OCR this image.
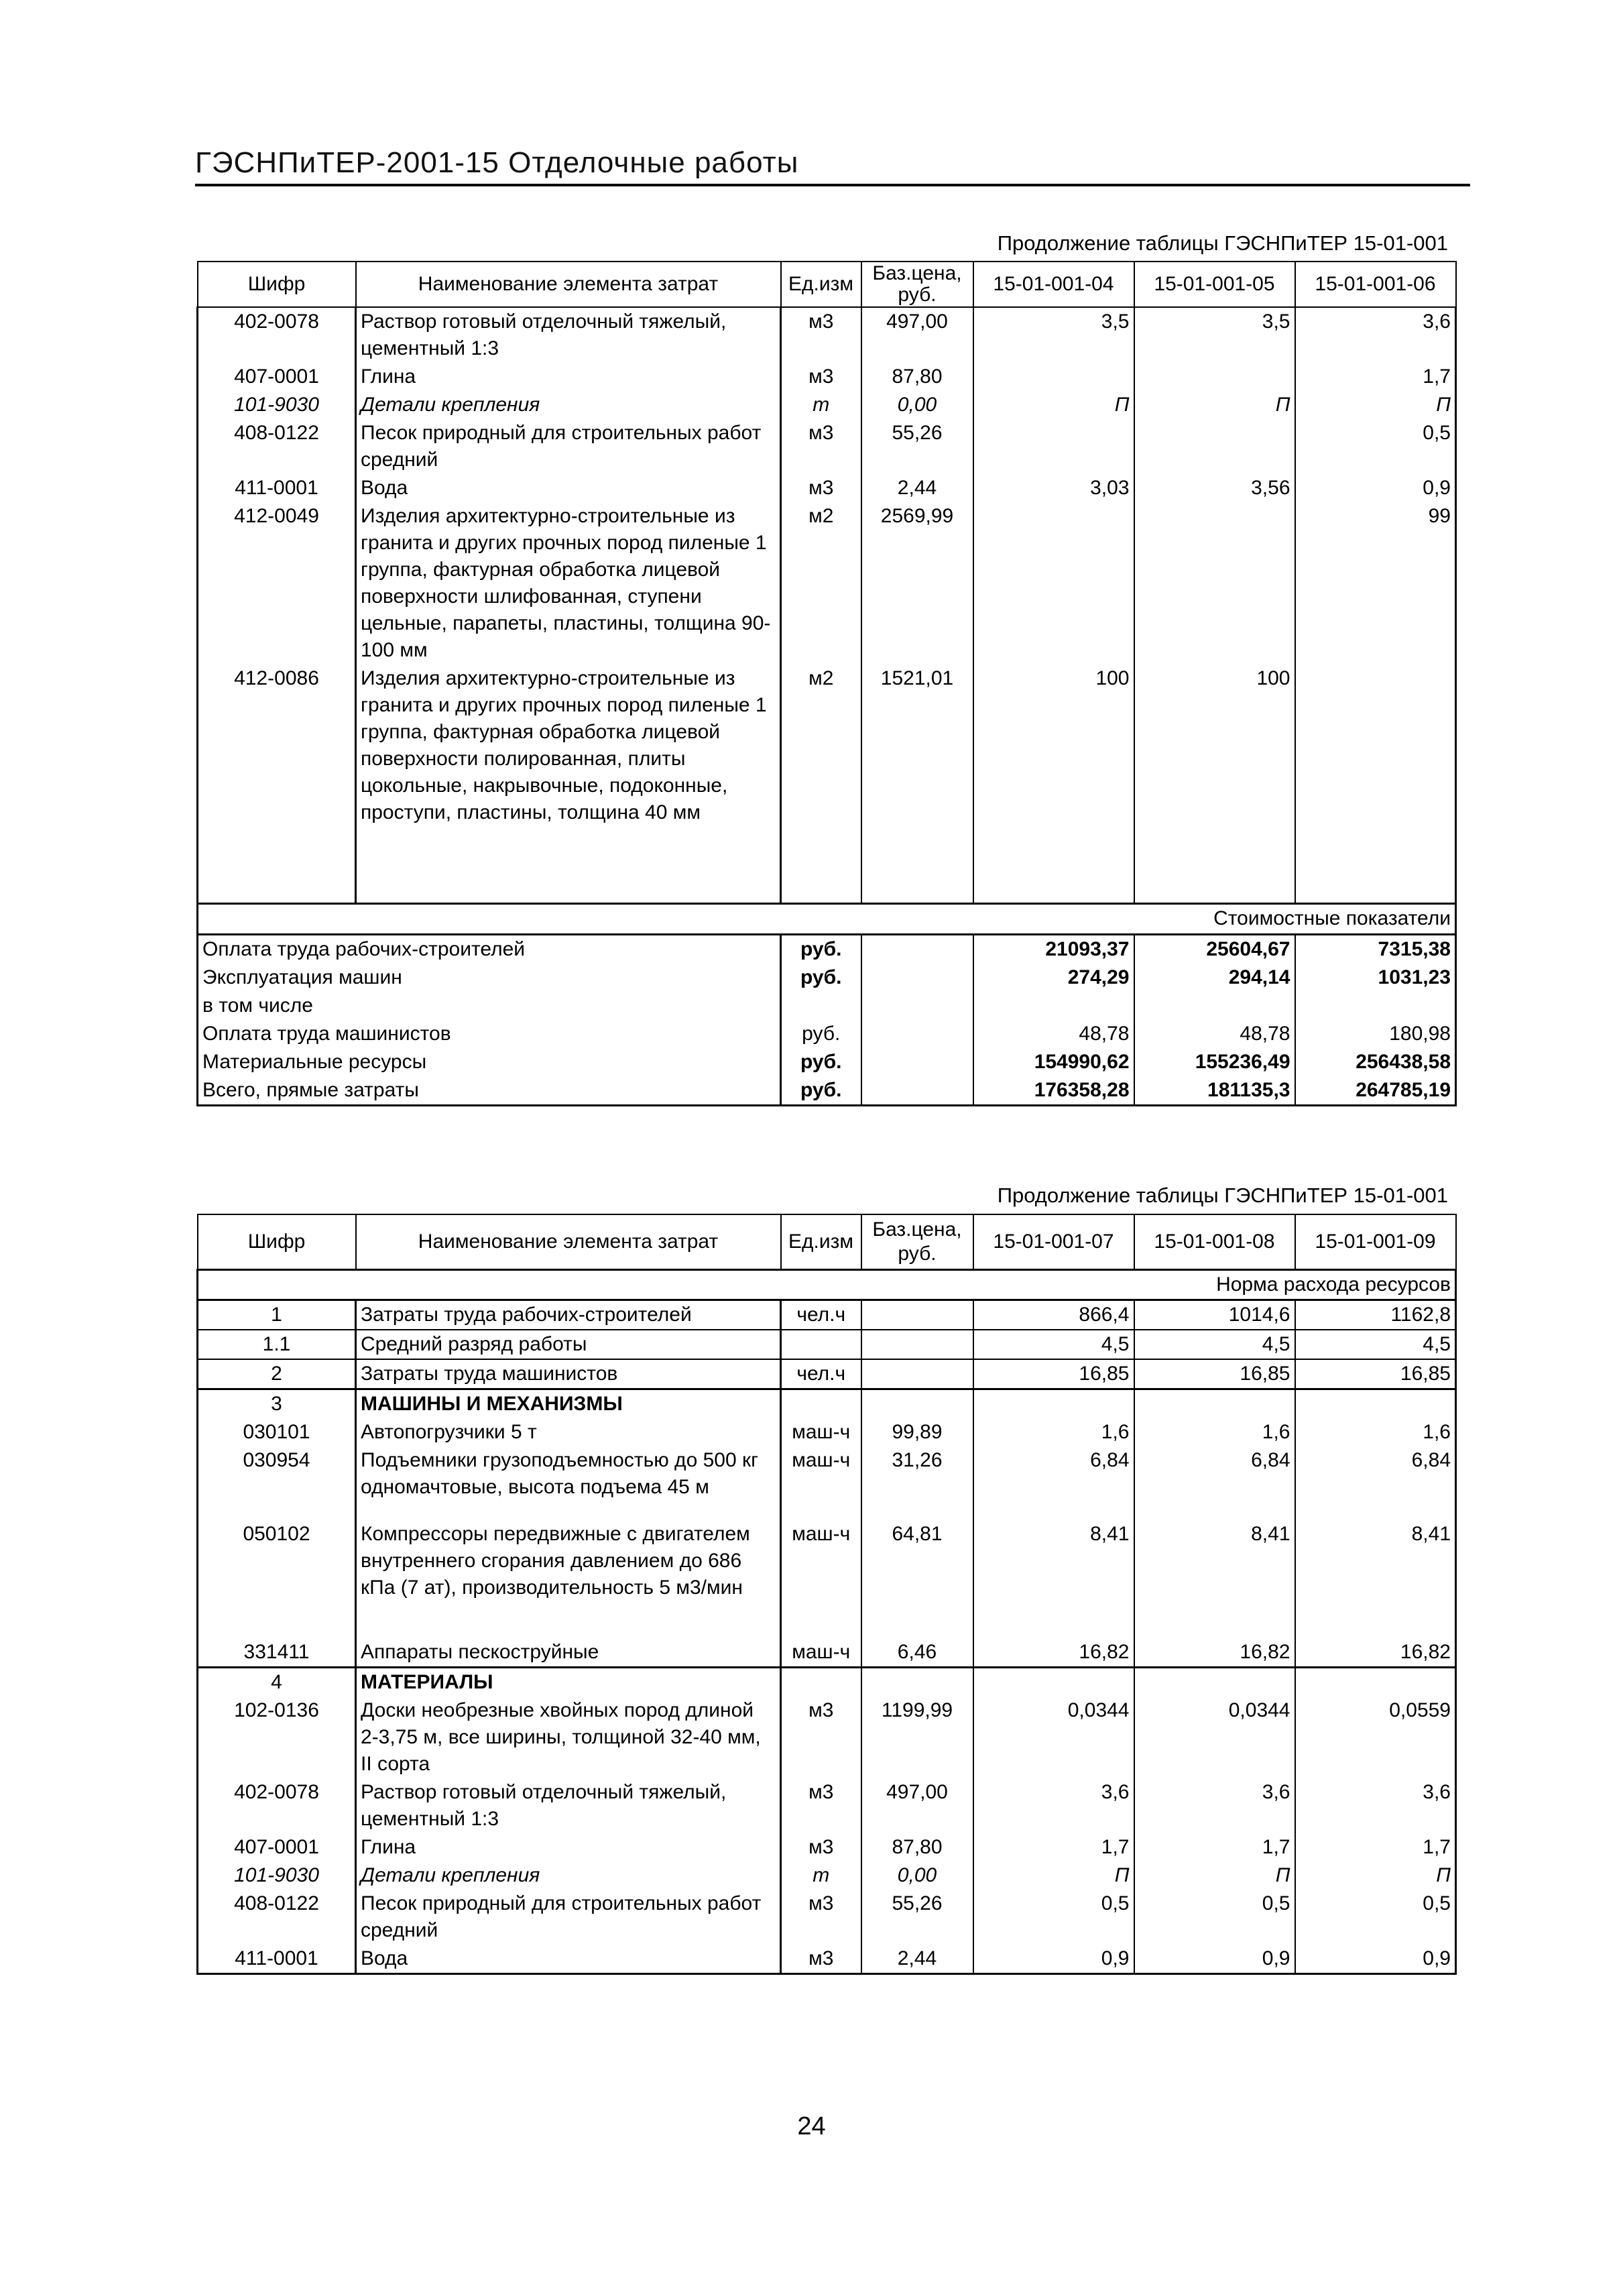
ГЭСНПиТЕР-2001-15 Отделочные работы
Продолжение таблицы ГЭСНПиТЕР 15-01-001
Шифр	Наименование элемента затрат	Ед.изм	Баз.цена, руб.	15-01-001-04	15-01-001-05	15-01-001-06
402-0078	Раствор готовый отделочный тяжелый, цементный 1:3	м3	497,00	3,5	3,5	3,6
407-0001	Глина	м3	87,80			1,7
101-9030	Детали крепления	т	0,00	П	П	П
408-0122	Песок природный для строительных работ средний	м3	55,26			0,5
411-0001	Вода	м3	2,44	3,03	3,56	0,9
412-0049	Изделия архитектурно-строительные из гранита и других прочных пород пиленые 1 группа, фактурная обработка лицевой поверхности шлифованная, ступени цельные, парапеты, пластины, толщина 90-100 мм	м2	2569,99			99
412-0086	Изделия архитектурно-строительные из гранита и других прочных пород пиленые 1 группа, фактурная обработка лицевой поверхности полированная, плиты цокольные, накрывочные, подоконные, проступи, пластины, толщина 40 мм	м2	1521,01	100	100	
Стоимостные показатели						
Оплата труда рабочих-строителей		руб.		21093,37	25604,67	7315,38
Эксплуатация машин		руб.		274,29	294,14	1031,23
в том числе						
Оплата труда машинистов		руб.		48,78	48,78	180,98
Материальные ресурсы		руб.		154990,62	155236,49	256438,58
Всего, прямые затраты		руб.		176358,28	181135,3	264785,19
Продолжение таблицы ГЭСНПиТЕР 15-01-001
Шифр	Наименование элемента затрат	Ед.изм	Баз.цена, руб.	15-01-001-07	15-01-001-08	15-01-001-09
Норма расхода ресурсов						
1	Затраты труда рабочих-строителей	чел.ч		866,4	1014,6	1162,8
1.1	Средний разряд работы			4,5	4,5	4,5
2	Затраты труда машинистов	чел.ч		16,85	16,85	16,85
3	МАШИНЫ И МЕХАНИЗМЫ					
030101	Автопогрузчики 5 т	маш-ч	99,89	1,6	1,6	1,6
030954	Подъемники грузоподъемностью до 500 кг одномачтовые, высота подъема 45 м	маш-ч	31,26	6,84	6,84	6,84
050102	Компрессоры передвижные с двигателем внутреннего сгорания давлением до 686 кПа (7 ат), производительность 5 м3/мин	маш-ч	64,81	8,41	8,41	8,41
331411	Аппараты пескоструйные	маш-ч	6,46	16,82	16,82	16,82
4	МАТЕРИАЛЫ					
102-0136	Доски необрезные хвойных пород длиной 2-3,75 м, все ширины, толщиной 32-40 мм, II сорта	м3	1199,99	0,0344	0,0344	0,0559
402-0078	Раствор готовый отделочный тяжелый, цементный 1:3	м3	497,00	3,6	3,6	3,6
407-0001	Глина	м3	87,80	1,7	1,7	1,7
101-9030	Детали крепления	т	0,00	П	П	П
408-0122	Песок природный для строительных работ средний	м3	55,26	0,5	0,5	0,5
411-0001	Вода	м3	2,44	0,9	0,9	0,9
24
